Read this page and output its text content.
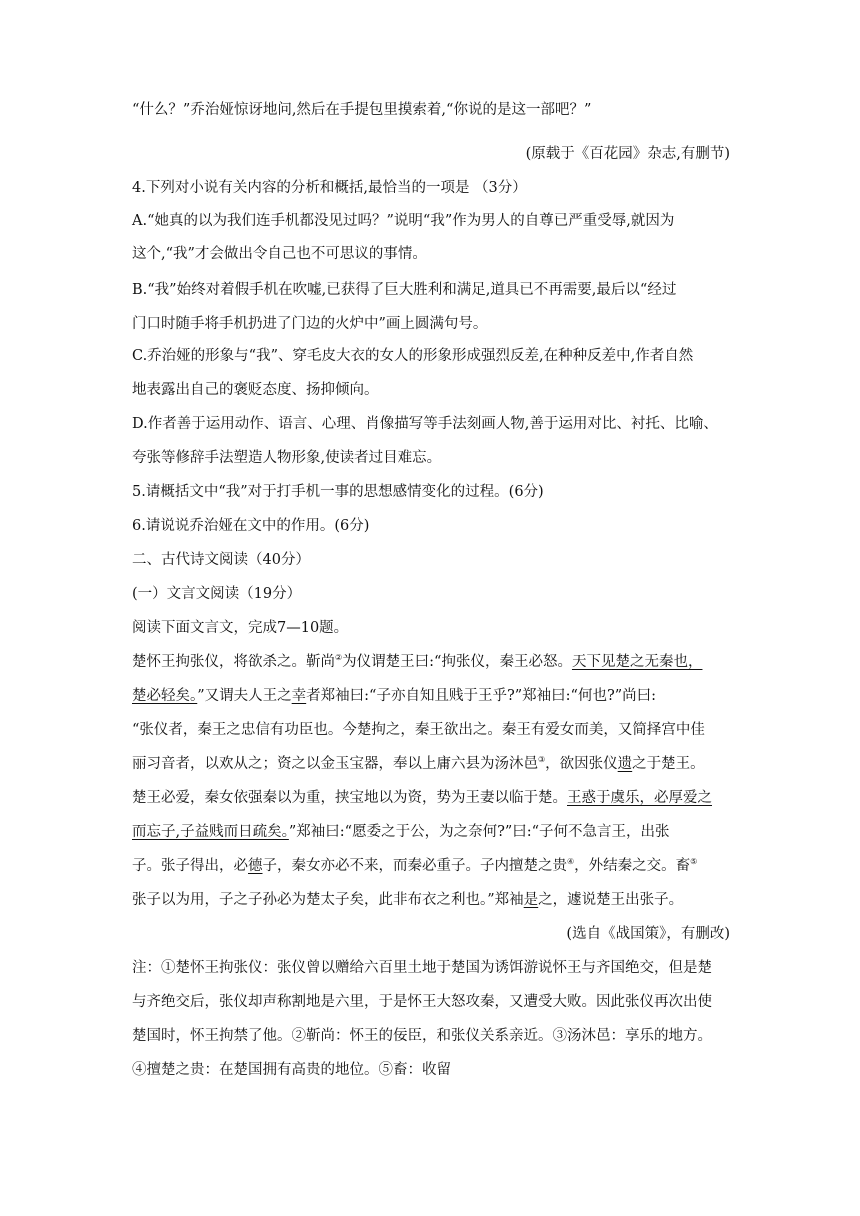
“什么？”乔治娅惊讶地问,然后在手提包里摸索着,“你说的是这一部吧？”
(原载于《百花园》杂志,有删节)
4.下列对小说有关内容的分析和概括,最恰当的一项是 （3分）
A.“她真的以为我们连手机都没见过吗？”说明“我”作为男人的自尊已严重受辱,就因为
这个,“我”才会做出令自己也不可思议的事情。
B.“我”始终对着假手机在吹嘘,已获得了巨大胜利和满足,道具已不再需要,最后以“经过
门口时随手将手机扔进了门边的火炉中”画上圆满句号。
C.乔治娅的形象与“我”、穿毛皮大衣的女人的形象形成强烈反差,在种种反差中,作者自然
地表露出自己的褒贬态度、扬抑倾向。
D.作者善于运用动作、语言、心理、肖像描写等手法刻画人物,善于运用对比、衬托、比喻、
夸张等修辞手法塑造人物形象,使读者过目难忘。
5.请概括文中“我”对于打手机一事的思想感情变化的过程。(6分)
6.请说说乔治娅在文中的作用。(6分)
二、古代诗文阅读（40分）
(一）文言文阅读（19分）
阅读下面文言文，完成7—10题。
楚怀王拘张仪，将欲杀之。靳尚②为仪谓楚王曰:“拘张仪，秦王必怒。天下见楚之无秦也，
楚必轻矣。”又谓夫人王之幸者郑袖曰:“子亦自知且贱于王乎?”郑袖曰:“何也?”尚曰:
“张仪者，秦王之忠信有功臣也。今楚拘之，秦王欲出之。秦王有爱女而美，又简择宫中佳
丽习音者，以欢从之；资之以金玉宝器，奉以上庸六县为汤沐邑③，欲因张仪遗之于楚王。
楚王必爱，秦女依强秦以为重，挟宝地以为资，势为王妻以临于楚。王惑于虞乐，必厚爱之
而忘子,子益贱而日疏矣。”郑袖曰:“愿委之于公，为之奈何?”曰:“子何不急言王，出张
子。张子得出，必德子，秦女亦必不来，而秦必重子。子内擅楚之贵④，外结秦之交。畜⑤
张子以为用，子之子孙必为楚太子矣，此非布衣之利也。”郑袖是之，遽说楚王出张子。
(选自《战国策》，有删改)
注：①楚怀王拘张仪：张仪曾以赠给六百里土地于楚国为诱饵游说怀王与齐国绝交，但是楚
与齐绝交后，张仪却声称割地是六里，于是怀王大怒攻秦，又遭受大败。因此张仪再次出使
楚国时，怀王拘禁了他。②靳尚：怀王的佞臣，和张仪关系亲近。③汤沐邑：享乐的地方。
④擅楚之贵：在楚国拥有高贵的地位。⑤畜：收留
